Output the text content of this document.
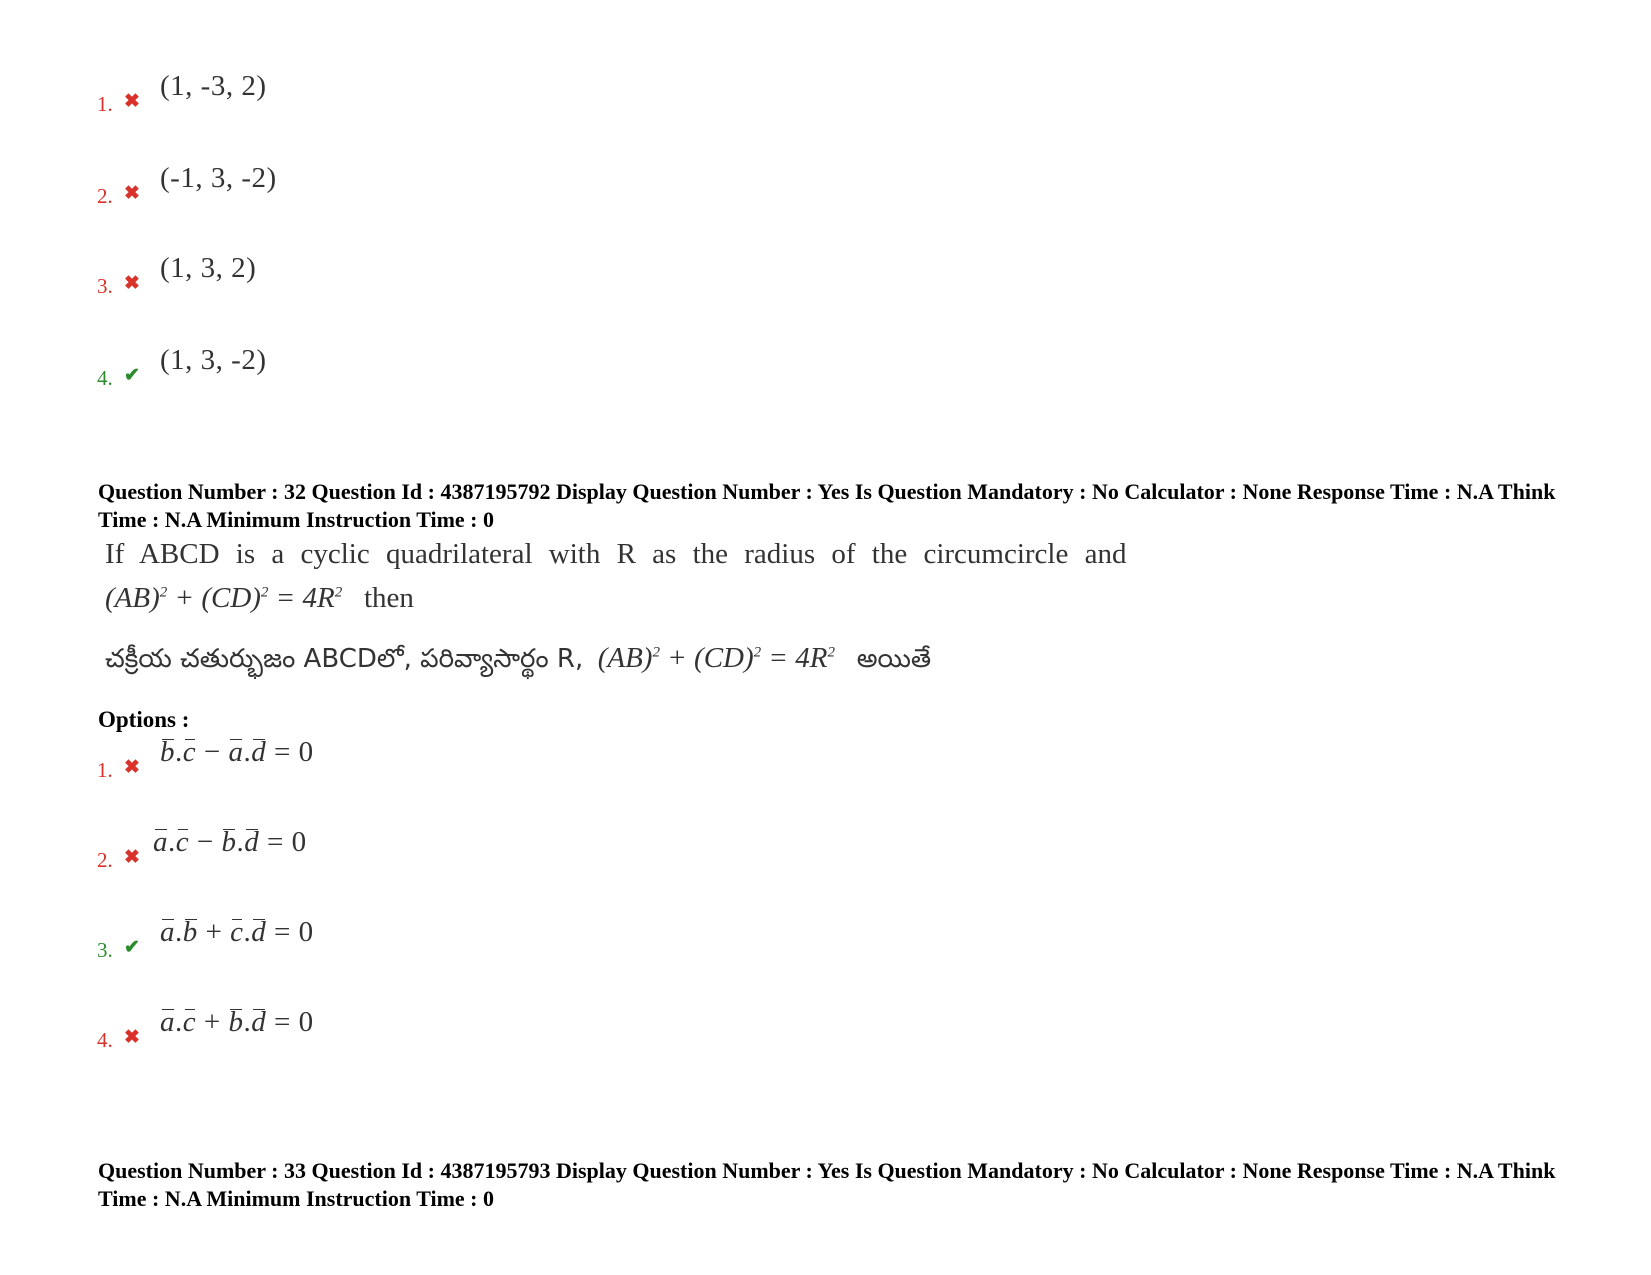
1. ✖ (1, -3, 2)
2. ✖ (-1, 3, -2)
3. ✖ (1, 3, 2)
4. ✔ (1, 3, -2)
Question Number : 32 Question Id : 4387195792 Display Question Number : Yes Is Question Mandatory : No Calculator : None Response Time : N.A Think Time : N.A Minimum Instruction Time : 0
If ABCD is a cyclic quadrilateral with R as the radius of the circumcircle and
$(AB)^2 + (CD)^2 = 4R^2$ then
చక్రీయ చతుర్భుజం ABCDలో, పరివ్యాసార్థం R, $(AB)^2 + (CD)^2 = 4R^2$ అయితే
Options :
1. ✖ b.c − a.d = 0
2. ✖ a.c − b.d = 0
3. ✔ a.b + c.d = 0
4. ✖ a.c + b.d = 0
Question Number : 33 Question Id : 4387195793 Display Question Number : Yes Is Question Mandatory : No Calculator : None Response Time : N.A Think Time : N.A Minimum Instruction Time : 0
